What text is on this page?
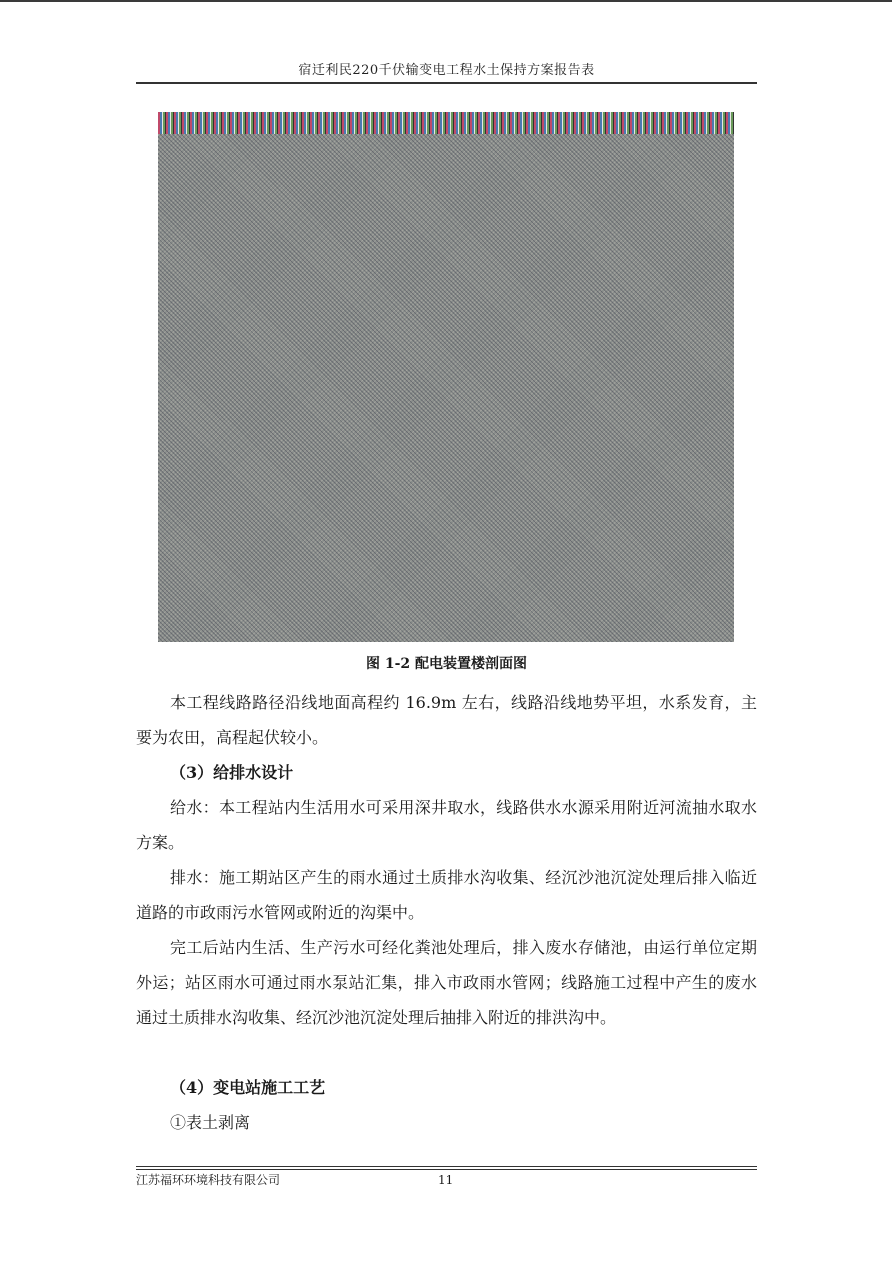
宿迁利民220千伏输变电工程水土保持方案报告表
图 1-2 配电装置楼剖面图

本工程线路路径沿线地面高程约 16.9m 左右，线路沿线地势平坦，水系发育，主要为农田，高程起伏较小。

（3）给排水设计

给水：本工程站内生活用水可采用深井取水，线路供水水源采用附近河流抽水取水方案。

排水：施工期站区产生的雨水通过土质排水沟收集、经沉沙池沉淀处理后排入临近道路的市政雨污水管网或附近的沟渠中。

完工后站内生活、生产污水可经化粪池处理后，排入废水存储池，由运行单位定期外运；站区雨水可通过雨水泵站汇集，排入市政雨水管网；线路施工过程中产生的废水通过土质排水沟收集、经沉沙池沉淀处理后抽排入附近的排洪沟中。

（4）变电站施工工艺

①表土剥离

江苏福环环境科技有限公司	11
